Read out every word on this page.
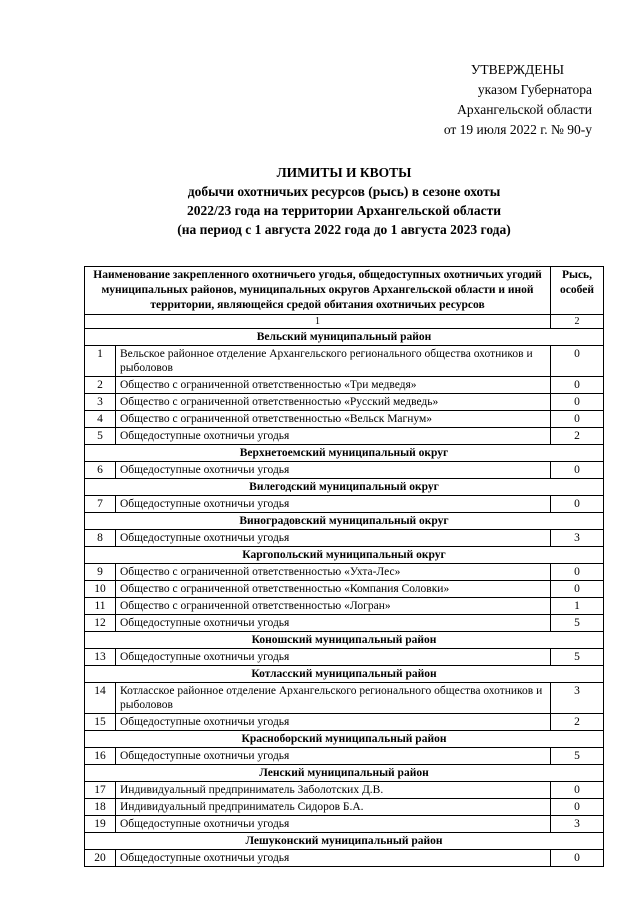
УТВЕРЖДЕНЫ
указом Губернатора
Архангельской области
от 19 июля 2022 г. № 90-у
ЛИМИТЫ И КВОТЫ
добычи охотничьих ресурсов (рысь) в сезоне охоты
2022/23 года на территории Архангельской области
(на период с 1 августа 2022 года до 1 августа 2023 года)
Наименование закрепленного охотничьего угодья, общедоступных охотничьих угодий муниципальных районов, муниципальных округов Архангельской области и иной территории, являющейся средой обитания охотничьих ресурсов		Рысь, особей
1		2
Вельский муниципальный район		
1	Вельское районное отделение Архангельского регионального общества охотников и рыболовов	0
2	Общество с ограниченной ответственностью «Три медведя»	0
3	Общество с ограниченной ответственностью «Русский медведь»	0
4	Общество с ограниченной ответственностью «Вельск Магнум»	0
5	Общедоступные охотничьи угодья	2
Верхнетоемский муниципальный округ		
6	Общедоступные охотничьи угодья	0
Вилегодский муниципальный округ		
7	Общедоступные охотничьи угодья	0
Виноградовский муниципальный округ		
8	Общедоступные охотничьи угодья	3
Каргопольский муниципальный округ		
9	Общество с ограниченной ответственностью «Ухта-Лес»	0
10	Общество с ограниченной ответственностью «Компания Соловки»	0
11	Общество с ограниченной ответственностью «Логран»	1
12	Общедоступные охотничьи угодья	5
Коношский муниципальный район		
13	Общедоступные охотничьи угодья	5
Котласский муниципальный район		
14	Котласское районное отделение Архангельского регионального общества охотников и рыболовов	3
15	Общедоступные охотничьи угодья	2
Красноборский муниципальный район		
16	Общедоступные охотничьи угодья	5
Ленский муниципальный район		
17	Индивидуальный предприниматель Заболотских Д.В.	0
18	Индивидуальный предприниматель Сидоров Б.А.	0
19	Общедоступные охотничьи угодья	3
Лешуконский муниципальный район		
20	Общедоступные охотничьи угодья	0
